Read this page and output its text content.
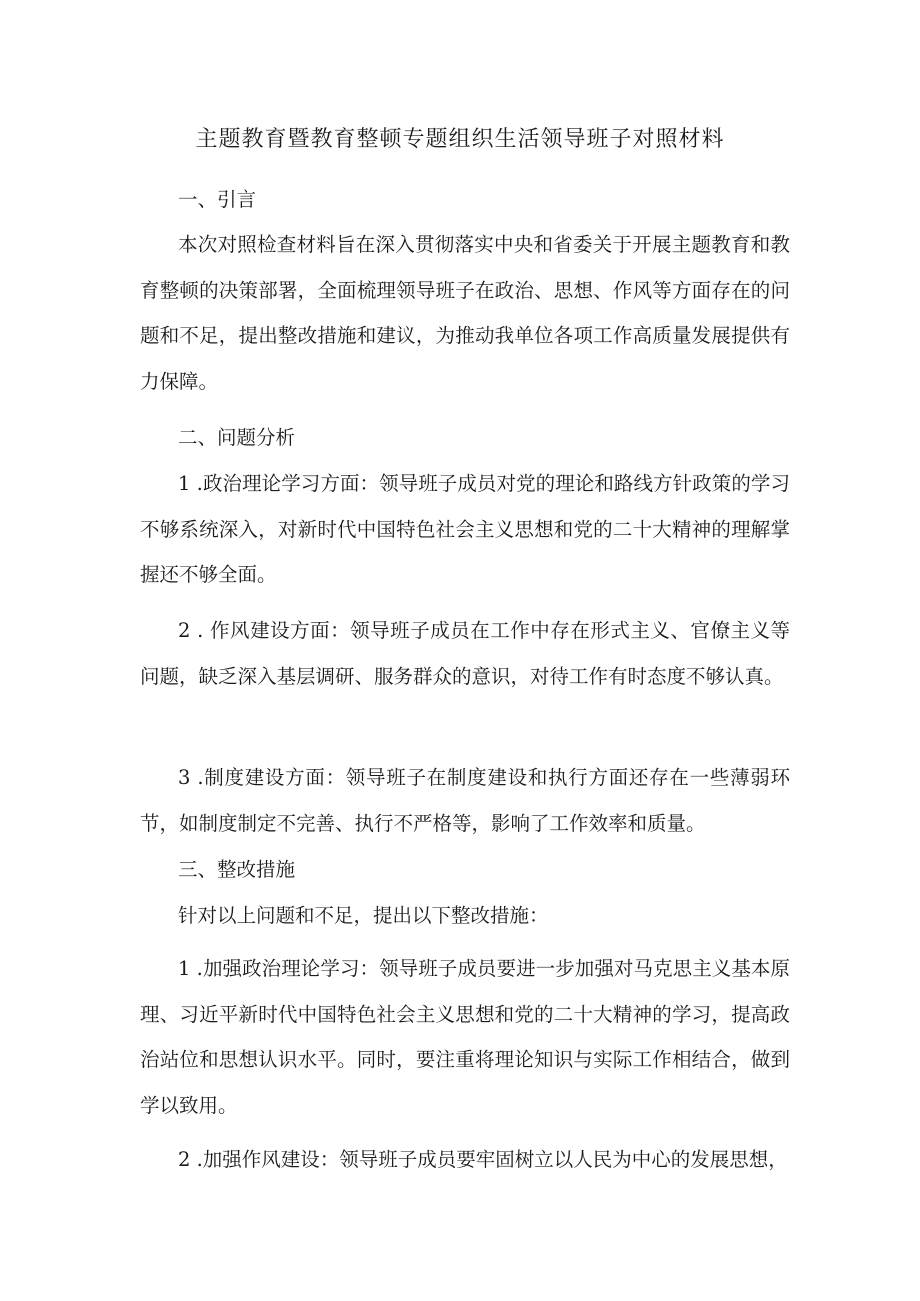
主题教育暨教育整顿专题组织生活领导班子对照材料

一、引言

本次对照检查材料旨在深入贯彻落实中央和省委关于开展主题教育和教育整顿的决策部署，全面梳理领导班子在政治、思想、作风等方面存在的问题和不足，提出整改措施和建议，为推动我单位各项工作高质量发展提供有力保障。

二、问题分析

1 .政治理论学习方面：领导班子成员对党的理论和路线方针政策的学习不够系统深入，对新时代中国特色社会主义思想和党的二十大精神的理解掌握还不够全面。

2 . 作风建设方面：领导班子成员在工作中存在形式主义、官僚主义等问题，缺乏深入基层调研、服务群众的意识，对待工作有时态度不够认真。

3 .制度建设方面：领导班子在制度建设和执行方面还存在一些薄弱环节，如制度制定不完善、执行不严格等，影响了工作效率和质量。

三、整改措施

针对以上问题和不足，提出以下整改措施：

1 .加强政治理论学习：领导班子成员要进一步加强对马克思主义基本原理、习近平新时代中国特色社会主义思想和党的二十大精神的学习，提高政治站位和思想认识水平。同时，要注重将理论知识与实际工作相结合，做到学以致用。

2 .加强作风建设：领导班子成员要牢固树立以人民为中心的发展思想，
